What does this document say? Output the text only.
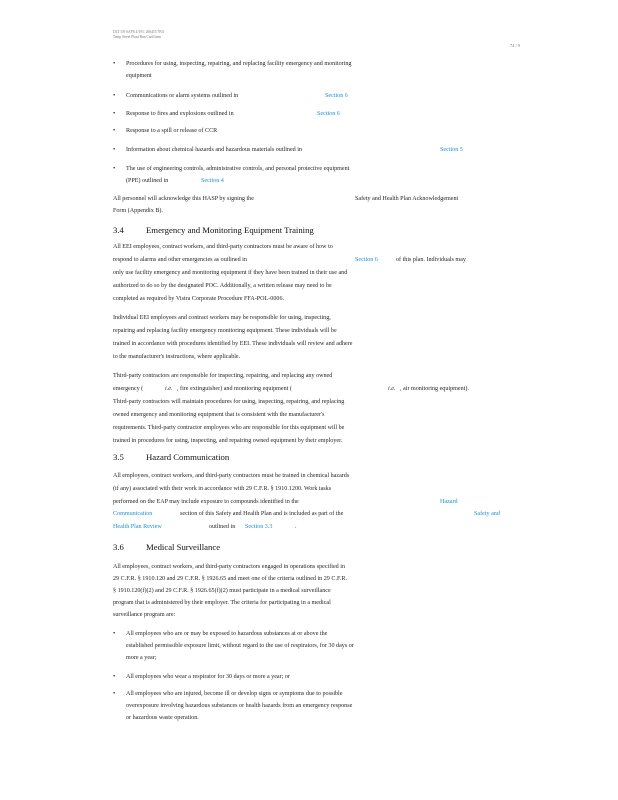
DLT 5/8 SAFE 4/19/1 266455 7B.0
Temp Street Plant Run Card Item
74 / 9
• Procedures for using, inspecting, repairing, and replacing facility emergency and monitoring
equipment
• Communications or alarm systems outlined in	Section 6
• Response to fires and explosions outlined in	Section 6
• Response to a spill or release of CCR
• Information about chemical hazards and hazardous materials outlined in	Section 5
• The use of engineering controls, administrative controls, and personal protective equipment
(PPE) outlined in	Section 4
All personnel will acknowledge this HASP by signing the	Safety and Health Plan Acknowledgement
Form (Appendix B).
3.4	Emergency and Monitoring Equipment Training
All EEI employees, contract workers, and third-party contractors must be aware of how to
respond to alarms and other emergencies as outlined in	Section 6	of this plan. Individuals may
only use facility emergency and monitoring equipment if they have been trained in their use and
authorized to do so by the designated POC. Additionally, a written release may need to be
completed as required by Vistra Corporate Procedure FFA-POL-0006.
Individual EEI employees and contract workers may be responsible for using, inspecting,
repairing and replacing facility emergency monitoring equipment. These individuals will be
trained in accordance with procedures identified by EEI. These individuals will review and adhere
to the manufacturer's instructions, where applicable.
Third-party contractors are responsible for inspecting, repairing, and replacing any owned
emergency (	i.e. , fire extinguisher) and monitoring equipment (	i.e. , air monitoring equipment).
Third-party contractors will maintain procedures for using, inspecting, repairing, and replacing
owned emergency and monitoring equipment that is consistent with the manufacturer's
requirements. Third-party contractor employees who are responsible for this equipment will be
trained in procedures for using, inspecting, and repairing owned equipment by their employer.
3.5	Hazard Communication
All employees, contract workers, and third-party contractors must be trained in chemical hazards
(if any) associated with their work in accordance with 29 C.F.R. § 1910.1200. Work tasks
performed on the EAP may include exposure to compounds identified in the	Hazard
Communication	section of this Safety and Health Plan and is included as part of the	Safety and
Health Plan Review	outlined in Section 3.3	.
3.6	Medical Surveillance
All employees, contract workers, and third-party contractors engaged in operations specified in
29 C.F.R. § 1910.120 and 29 C.F.R. § 1926.65 and meet one of the criteria outlined in 29 C.F.R.
§ 1910.120(f)(2) and 29 C.F.R. § 1926.65(f)(2) must participate in a medical surveillance
program that is administered by their employer. The criteria for participating in a medical
surveillance program are:
• All employees who are or may be exposed to hazardous substances at or above the
established permissible exposure limit, without regard to the use of respirators, for 30 days or
more a year;
• All employees who wear a respirator for 30 days or more a year; or
• All employees who are injured, become ill or develop signs or symptoms due to possible
overexposure involving hazardous substances or health hazards from an emergency response
or hazardous waste operation.
